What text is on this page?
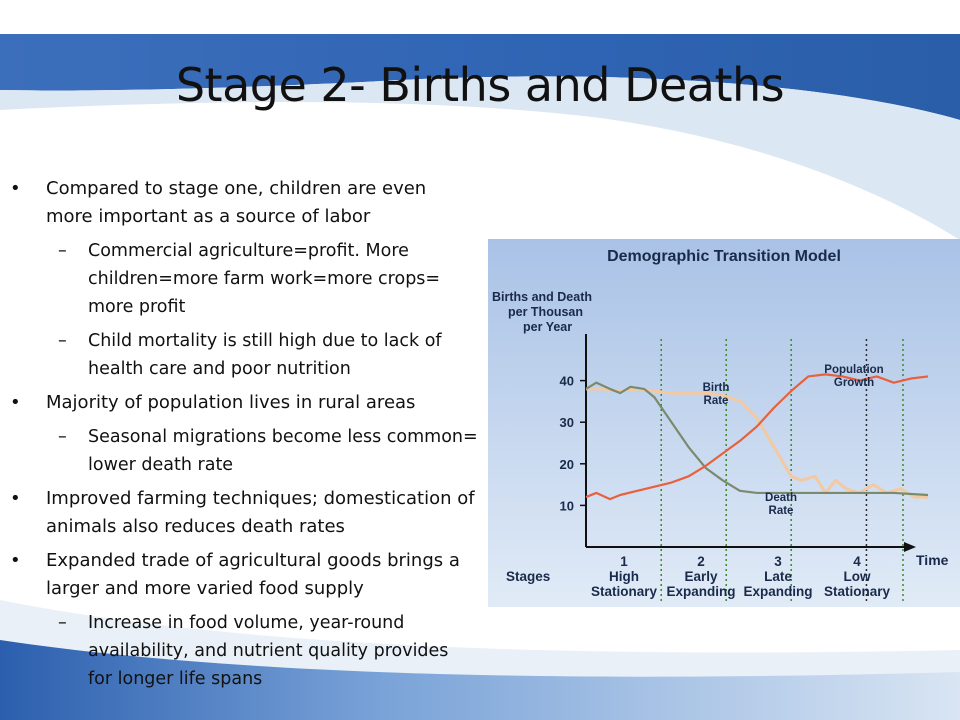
Stage 2- Births and Deaths
• Compared to stage one, children are even more important as a source of labor
– Commercial agriculture=profit. More children=more farm work=more crops= more profit
– Child mortality is still high due to lack of health care and poor nutrition
• Majority of population lives in rural areas
– Seasonal migrations become less common= lower death rate
• Improved farming techniques; domestication of animals also reduces death rates
• Expanded trade of agricultural goods brings a larger and more varied food supply
– Increase in food volume, year-round availability, and nutrient quality provides for longer life spans
Demographic Transition Model
Births and Death
per Thousan
per Year
Time
10
20
30
40	Birth
Rate
Death
Rate
Population
Growth
Stages
1
High
Stationary
2
Early
Expanding
3
Late
Expanding
4
Low
Stationary
